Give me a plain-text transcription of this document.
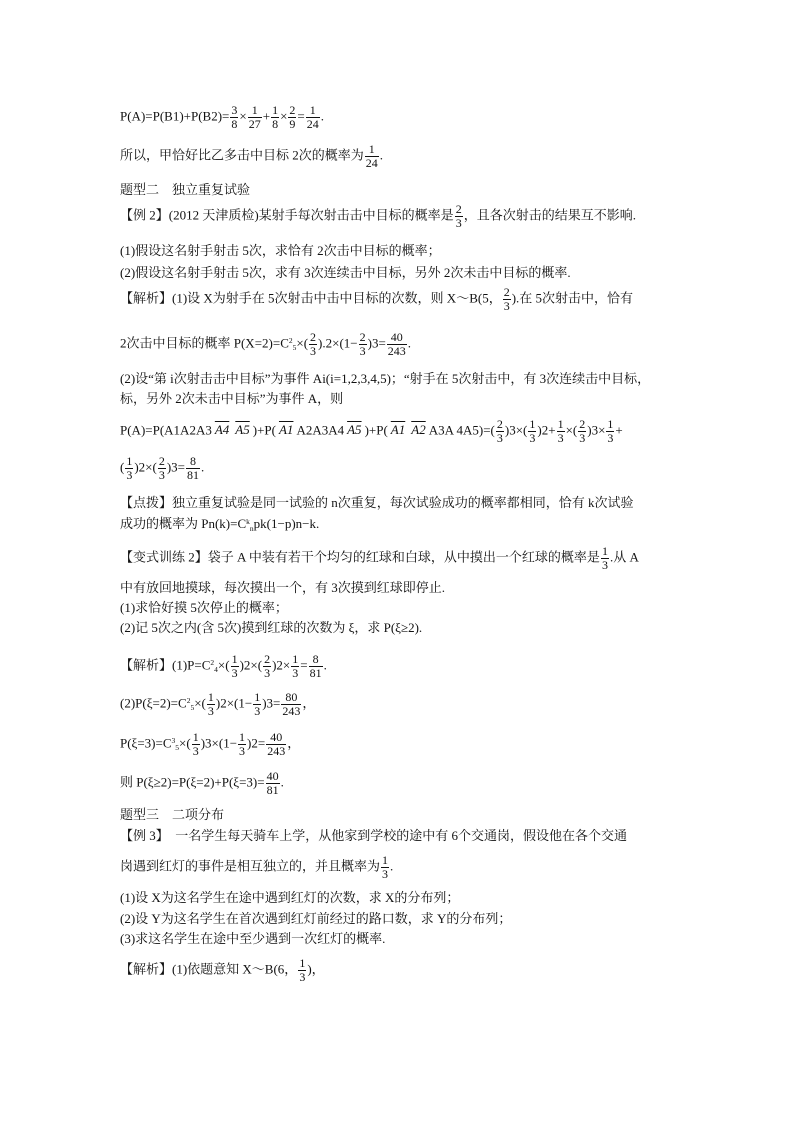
$P(A)=P(B1)+P(B2)= \frac{3}{8} \times \frac{1}{27} + \frac{1}{8} \times \frac{2}{9} = \frac{1}{24}$ .
所以，甲恰好比乙多击中目标 2次的概率为 $\frac{1}{24}$ .
题型二　独立重复试验
【例 2】(2012 天津质检)某射手每次射击击中目标的概率是 $\frac{2}{3}$ ，且各次射击的结果互不影响.
(1)假设这名射手射击 5次，求恰有 2次击中目标的概率；
(2)假设这名射手射击 5次，求有 3次连续击中目标，另外 2次未击中目标的概率.
【解析】(1)设 X为射手在 5次射击中击中目标的次数，则 X～B(5， $\frac{2}{3}$ ).在 5次射击中，恰有
2次击中目标的概率 $P(X=2)=C^2_5\times( \frac{2}{3} ).2\times(1- \frac{2}{3} )3= \frac{40}{243}$ .
(2)设“第 i次射击击中目标”为事件 Ai(i=1,2,3,4,5)；“射手在 5次射击中，有 3次连续击中目标，
标，另外 2次未击中目标”为事件 A，则
P(A)=P(A1A2A3 A4 A5 )+P( A1 A2A3A4 A5 )+P( A1 A2 A3A $4A5)=( \frac{2}{3} )3\times( \frac{1}{3} )2+ \frac{1}{3}$ ×( $\frac{2}{3} )3\times \frac{1}{3}$ +
( $\frac{1}{3} )2\times( \frac{2}{3} )3= \frac{8}{81}$ .
【点拨】独立重复试验是同一试验的 n次重复，每次试验成功的概率都相同，恰有 k次试验
成功的概率为 $Pn(k)=C^k_npk(1-p)n-k$.
【变式训练 2】袋子 A 中装有若干个均匀的红球和白球，从中摸出一个红球的概率是 $\frac{1}{3}$ .从 A
中有放回地摸球，每次摸出一个，有 3次摸到红球即停止.
(1)求恰好摸 5次停止的概率；
(2)记 5次之内(含 5次)摸到红球的次数为 ξ，求 P(ξ≥2).
【解析】$(1)P=C^2_4\times( \frac{1}{3} )2\times( \frac{2}{3} )2\times \frac{1}{3} = \frac{8}{81}$ .
$(2)P(\xi=2)=C^2_5\times( \frac{1}{3} )2\times(1- \frac{1}{3} )3= \frac{80}{243}$ ，
$P(\xi=3)=C^3_5\times( \frac{1}{3} )3\times(1- \frac{1}{3} )2= \frac{40}{243}$ ，
则 $P(\xi\ge 2)=P(\xi=2)+P(\xi=3)= \frac{40}{81}$ .
题型三　二项分布
【例 3】　一名学生每天骑车上学，从他家到学校的途中有 6个交通岗，假设他在各个交通
岗遇到红灯的事件是相互独立的，并且概率为 $\frac{1}{3}$ .
(1)设 X为这名学生在途中遇到红灯的次数，求 X的分布列；
(2)设 Y为这名学生在首次遇到红灯前经过的路口数，求 Y的分布列；
(3)求这名学生在途中至少遇到一次红灯的概率.
【解析】(1)依题意知 X～B(6， $\frac{1}{3}$ )，
